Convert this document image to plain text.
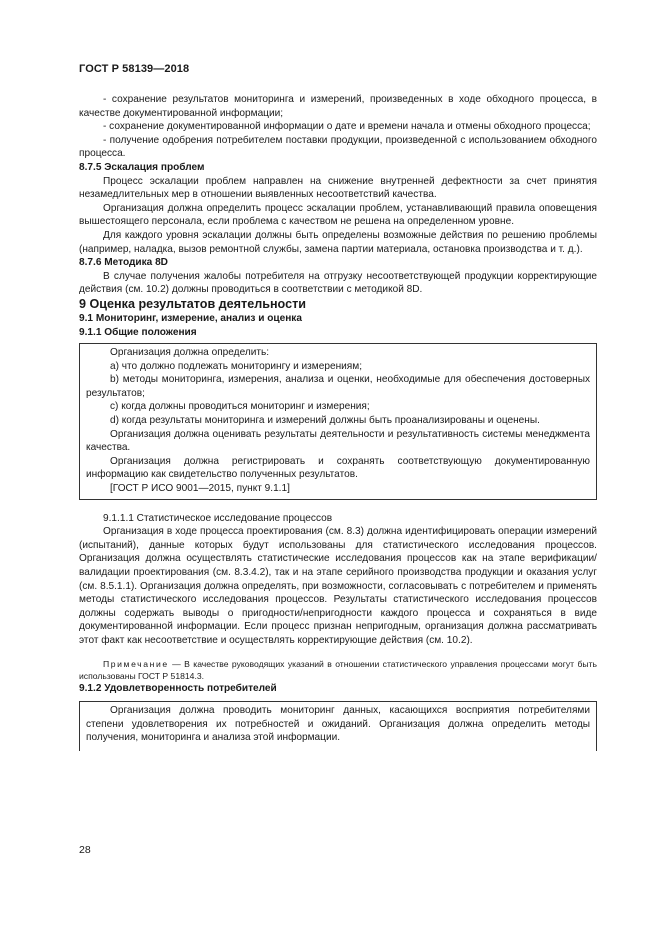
ГОСТ Р 58139—2018

- сохранение результатов мониторинга и измерений, произведенных в ходе обходного процесса, в качестве документированной информации;

- сохранение документированной информации о дате и времени начала и отмены обходного процесса;

- получение одобрения потребителем поставки продукции, произведенной с использованием обходного процесса.

8.7.5 Эскалация проблем

Процесс эскалации проблем направлен на снижение внутренней дефектности за счет принятия незамедлительных мер в отношении выявленных несоответствий качества.

Организация должна определить процесс эскалации проблем, устанавливающий правила оповещения вышестоящего персонала, если проблема с качеством не решена на определенном уровне.

Для каждого уровня эскалации должны быть определены возможные действия по решению проблемы (например, наладка, вызов ремонтной службы, замена партии материала, остановка производства и т. д.).

8.7.6 Методика 8D

В случае получения жалобы потребителя на отгрузку несоответствующей продукции корректирующие действия (см. 10.2) должны проводиться в соответствии с методикой 8D.

9 Оценка результатов деятельности

9.1 Мониторинг, измерение, анализ и оценка

9.1.1 Общие положения

Организация должна определить:

a) что должно подлежать мониторингу и измерениям;

b) методы мониторинга, измерения, анализа и оценки, необходимые для обеспечения достоверных результатов;

c) когда должны проводиться мониторинг и измерения;

d) когда результаты мониторинга и измерений должны быть проанализированы и оценены.

Организация должна оценивать результаты деятельности и результативность системы менеджмента качества.

Организация должна регистрировать и сохранять соответствующую документированную информацию как свидетельство полученных результатов.

[ГОСТ Р ИСО 9001—2015, пункт 9.1.1]

9.1.1.1 Статистическое исследование процессов

Организация в ходе процесса проектирования (см. 8.3) должна идентифицировать операции измерений (испытаний), данные которых будут использованы для статистического исследования процессов. Организация должна осуществлять статистические исследования процессов как на этапе верификации/валидации проектирования (см. 8.3.4.2), так и на этапе серийного производства продукции и оказания услуг (см. 8.5.1.1). Организация должна определять, при возможности, согласовывать с потребителем и применять методы статистического исследования процессов. Результаты статистического исследования процессов должны содержать выводы о пригодности/непригодности каждого процесса и сохраняться в виде документированной информации. Если процесс признан непригодным, организация должна рассматривать этот факт как несоответствие и осуществлять корректирующие действия (см. 10.2).

Примечание — В качестве руководящих указаний в отношении статистического управления процессами могут быть использованы ГОСТ Р 51814.3.

9.1.2 Удовлетворенность потребителей

Организация должна проводить мониторинг данных, касающихся восприятия потребителями степени удовлетворения их потребностей и ожиданий. Организация должна определить методы получения, мониторинга и анализа этой информации.

28
